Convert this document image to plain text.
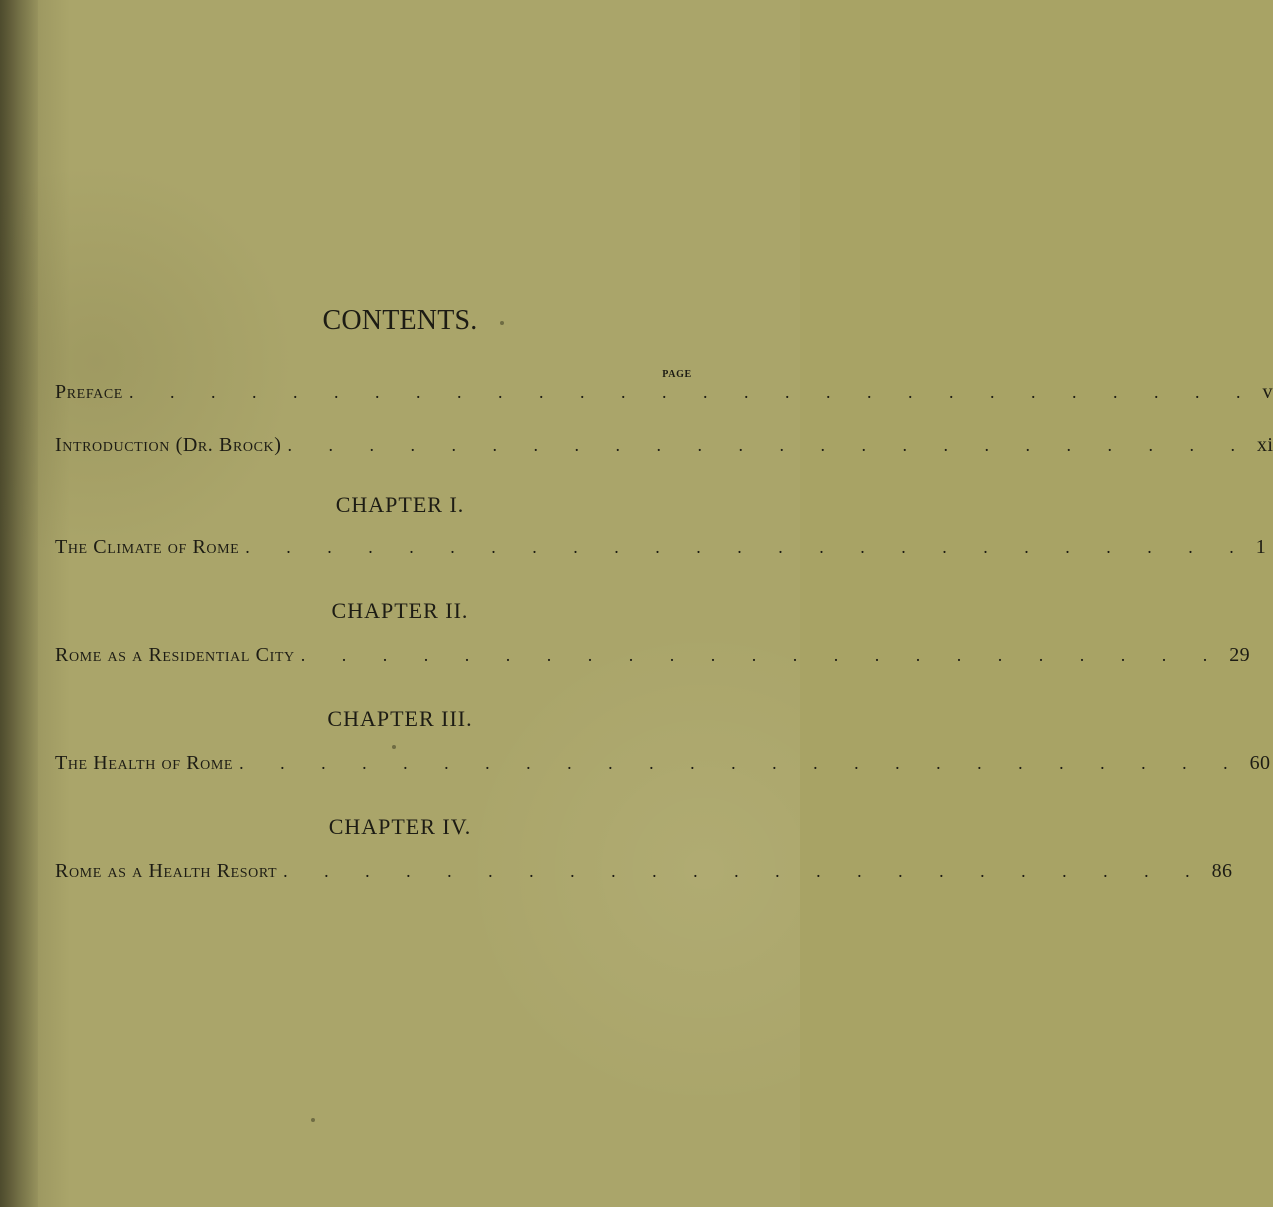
CONTENTS.
PAGE
Preface . . . . . . . . . . . . . . . . . . . . . . . . . . . . v
Introduction (Dr. Brock) . . . . . . . . . . . . . . . . . . . . . . . . xi
CHAPTER I.
The Climate of Rome . . . . . . . . . . . . . . . . . . . . . . . . . 1
CHAPTER II.
Rome as a Residential City . . . . . . . . . . . . . . . . . . . . . . . 29
CHAPTER III.
The Health of Rome . . . . . . . . . . . . . . . . . . . . . . . . . 60
CHAPTER IV.
Rome as a Health Resort . . . . . . . . . . . . . . . . . . . . . . . 86
